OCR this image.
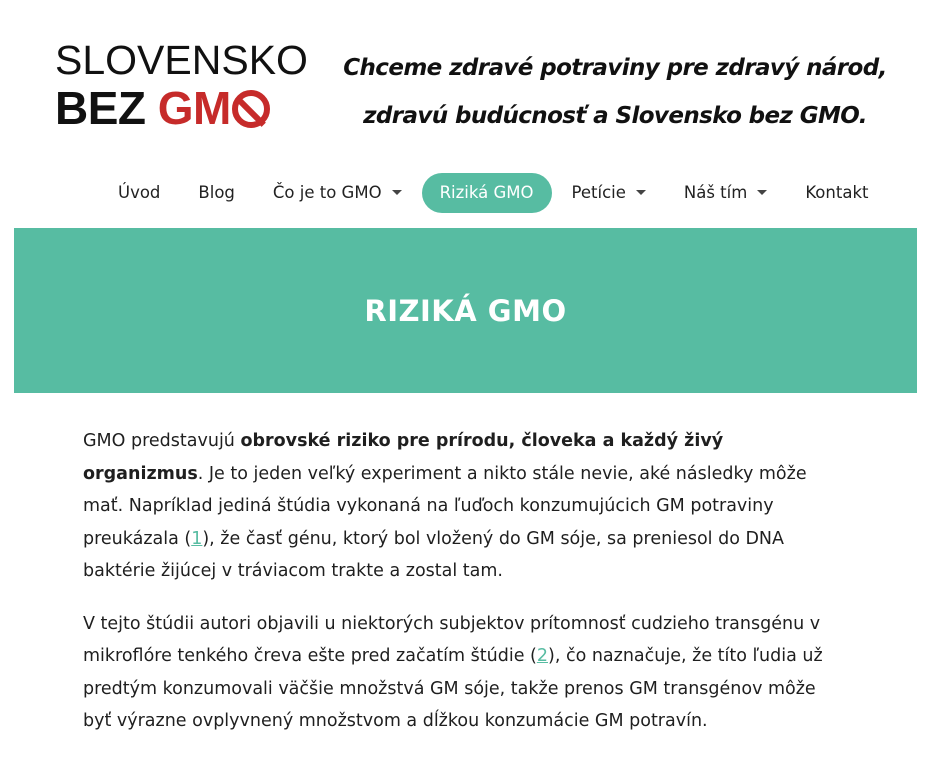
SLOVENSKO
BEZ GM
Chceme zdravé potraviny pre zdravý národ, zdravú budúcnosť a Slovensko bez GMO.
Úvod	Blog	Čo je to GMO	Riziká GMO	Petície	Náš tím	Kontakt
RIZIKÁ GMO

GMO predstavujú obrovské riziko pre prírodu, človeka a každý živý organizmus. Je to jeden veľký experiment a nikto stále nevie, aké následky môže mať. Napríklad jediná štúdia vykonaná na ľuďoch konzumujúcich GM potraviny preukázala (1), že časť génu, ktorý bol vložený do GM sóje, sa preniesol do DNA baktérie žijúcej v tráviacom trakte a zostal tam.

V tejto štúdii autori objavili u niektorých subjektov prítomnosť cudzieho transgénu v mikroflóre tenkého čreva ešte pred začatím štúdie (2), čo naznačuje, že títo ľudia už predtým konzumovali väčšie množstvá GM sóje, takže prenos GM transgénov môže byť výrazne ovplyvnený množstvom a dĺžkou konzumácie GM potravín.
